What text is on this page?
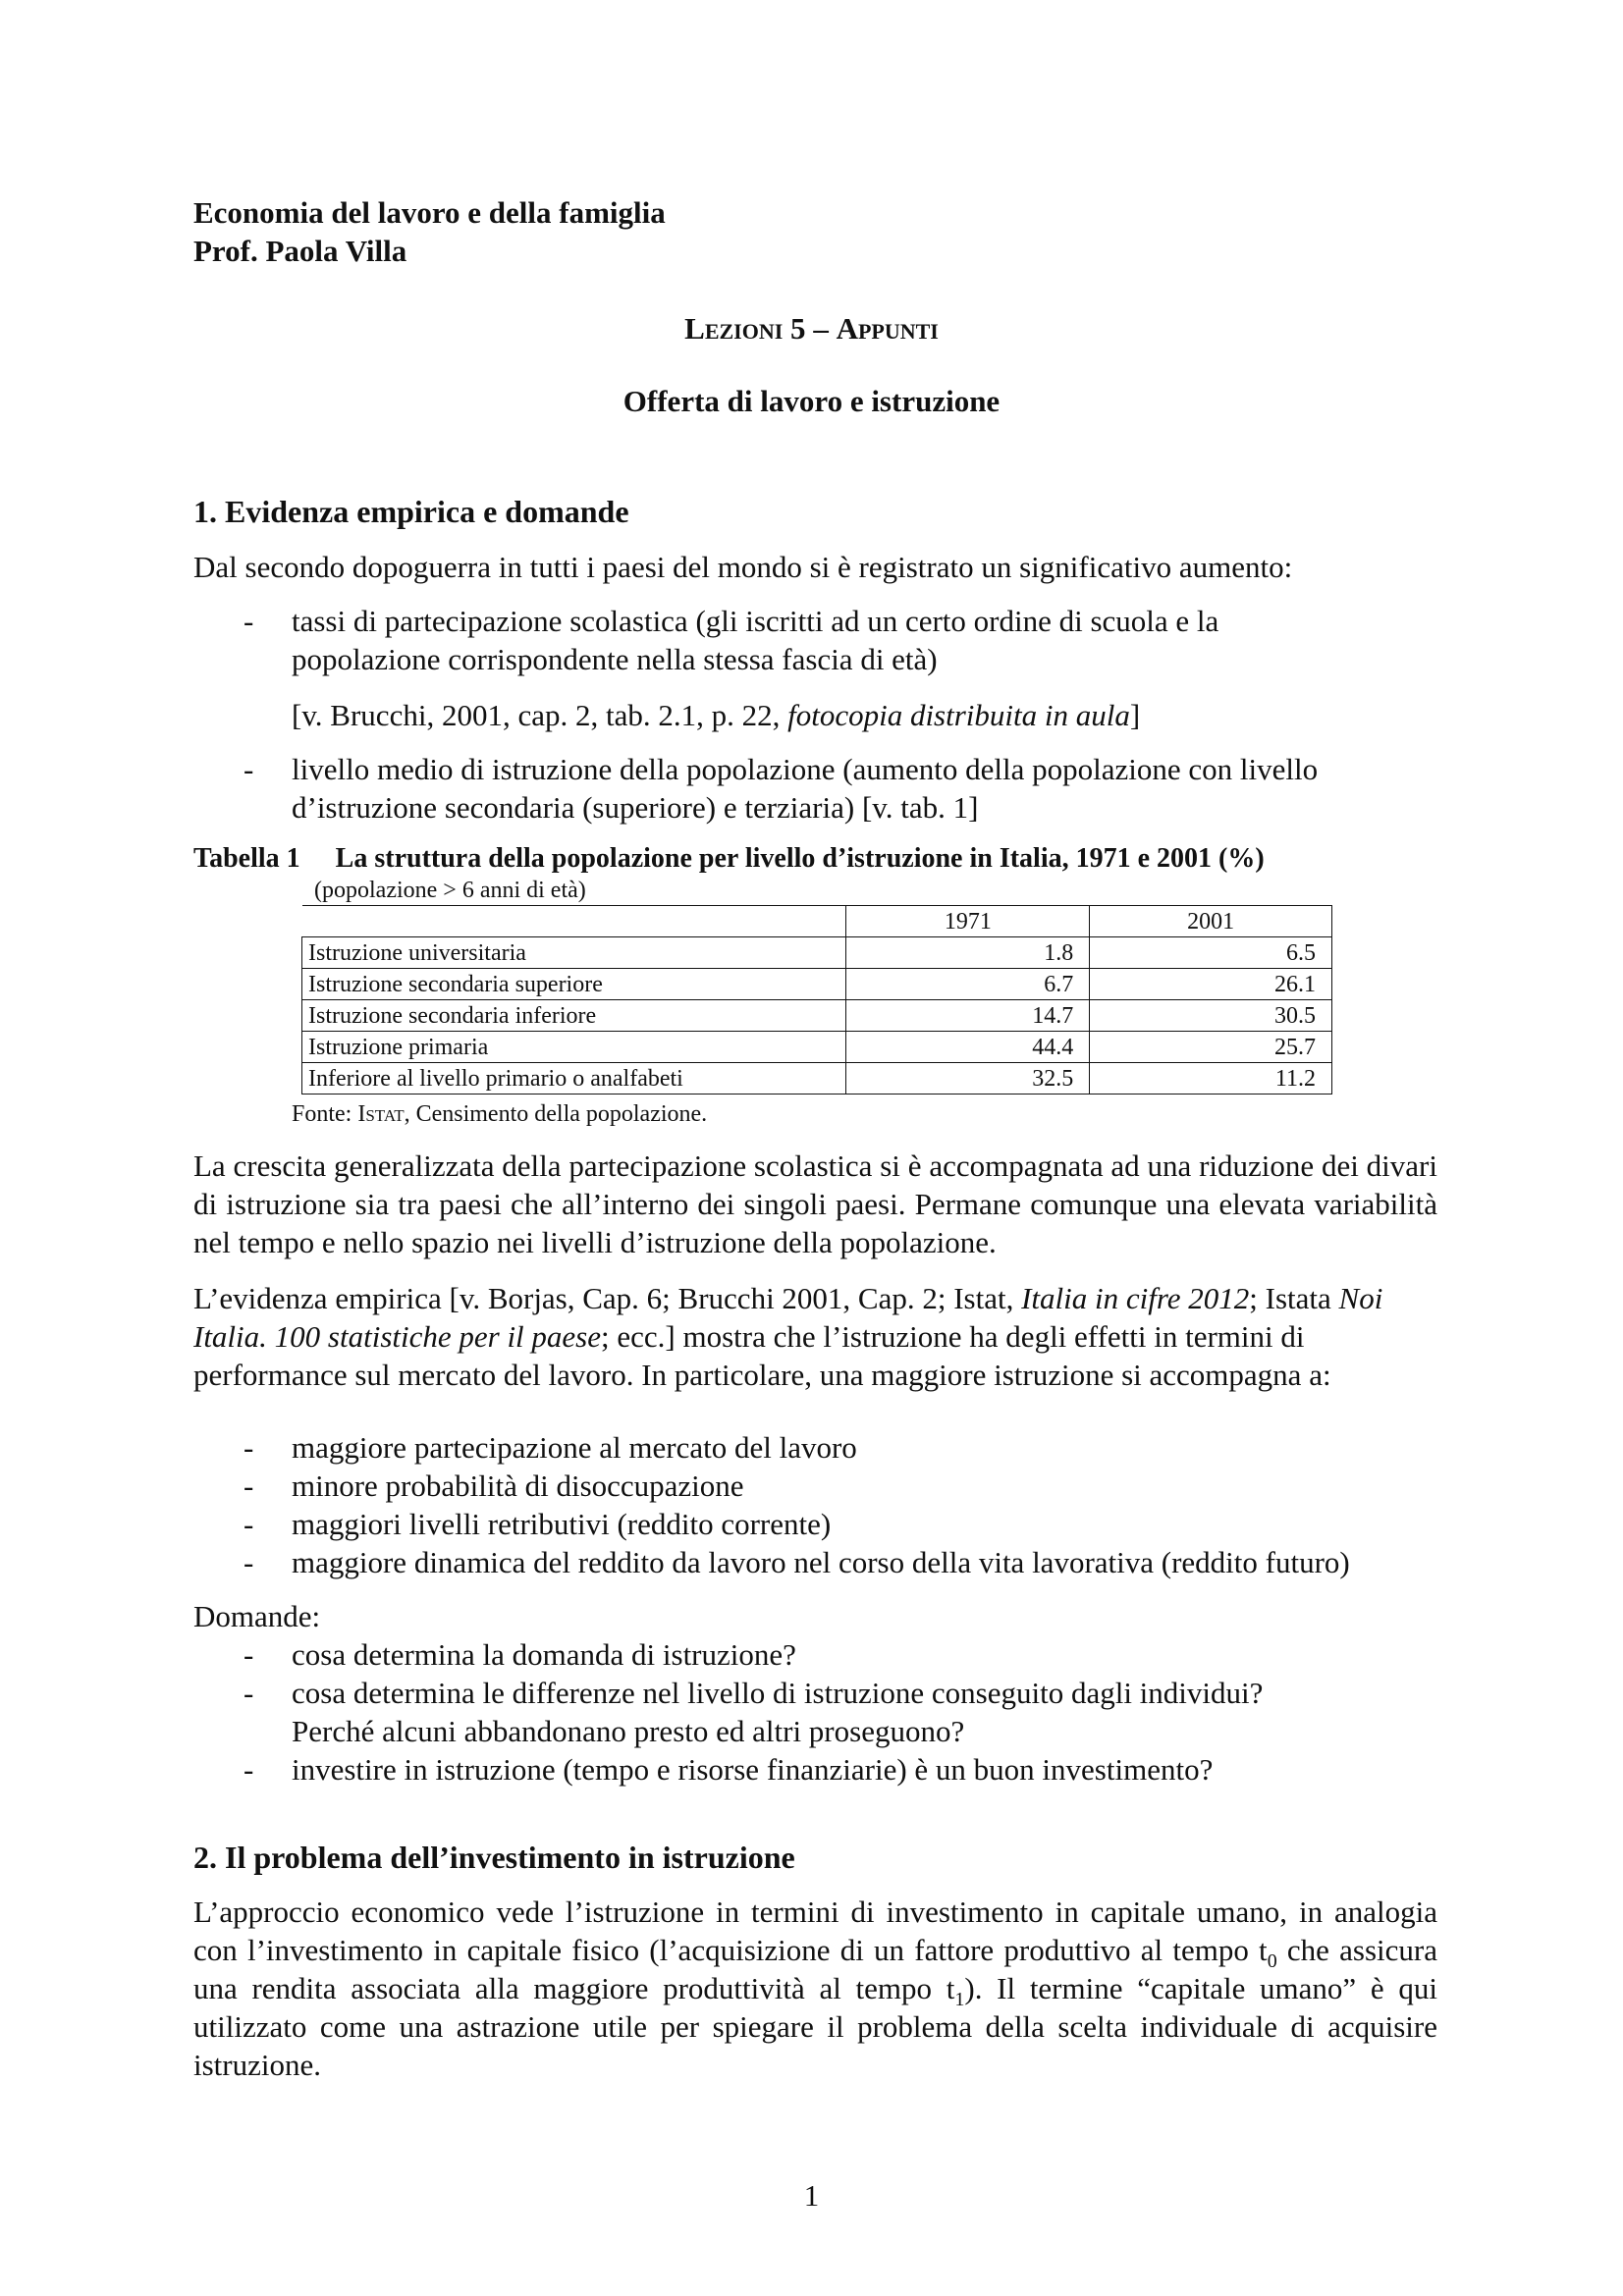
Economia del lavoro e della famiglia
Prof. Paola Villa
Lezioni 5 – Appunti
Offerta di lavoro e istruzione
1. Evidenza empirica e domande
Dal secondo dopoguerra in tutti i paesi del mondo si è registrato un significativo aumento:
- tassi di partecipazione scolastica (gli iscritti ad un certo ordine di scuola e la
popolazione corrispondente nella stessa fascia di età)
[v. Brucchi, 2001, cap. 2, tab. 2.1, p. 22, fotocopia distribuita in aula]
- livello medio di istruzione della popolazione (aumento della popolazione con livello
d’istruzione secondaria (superiore) e terziaria) [v. tab. 1]
Tabella 1 La struttura della popolazione per livello d’istruzione in Italia, 1971 e 2001 (%)
(popolazione > 6 anni di età)
	1971	2001
Istruzione universitaria	1.8	6.5
Istruzione secondaria superiore	6.7	26.1
Istruzione secondaria inferiore	14.7	30.5
Istruzione primaria	44.4	25.7
Inferiore al livello primario o analfabeti	32.5	11.2
Fonte: Istat, Censimento della popolazione.
La crescita generalizzata della partecipazione scolastica si è accompagnata ad una riduzione dei divari di istruzione sia tra paesi che all’interno dei singoli paesi. Permane comunque una elevata variabilità nel tempo e nello spazio nei livelli d’istruzione della popolazione.
L’evidenza empirica [v. Borjas, Cap. 6; Brucchi 2001, Cap. 2; Istat, Italia in cifre 2012; Istata Noi Italia. 100 statistiche per il paese; ecc.] mostra che l’istruzione ha degli effetti in termini di performance sul mercato del lavoro. In particolare, una maggiore istruzione si accompagna a:
- maggiore partecipazione al mercato del lavoro
- minore probabilità di disoccupazione
- maggiori livelli retributivi (reddito corrente)
- maggiore dinamica del reddito da lavoro nel corso della vita lavorativa (reddito futuro)
Domande:
- cosa determina la domanda di istruzione?
- cosa determina le differenze nel livello di istruzione conseguito dagli individui?
Perché alcuni abbandonano presto ed altri proseguono?
- investire in istruzione (tempo e risorse finanziarie) è un buon investimento?
2. Il problema dell’investimento in istruzione
L’approccio economico vede l’istruzione in termini di investimento in capitale umano, in analogia con l’investimento in capitale fisico (l’acquisizione di un fattore produttivo al tempo $t_0$ che assicura una rendita associata alla maggiore produttività al tempo $t_1$). Il termine “capitale umano” è qui utilizzato come una astrazione utile per spiegare il problema della scelta individuale di acquisire istruzione.
1
